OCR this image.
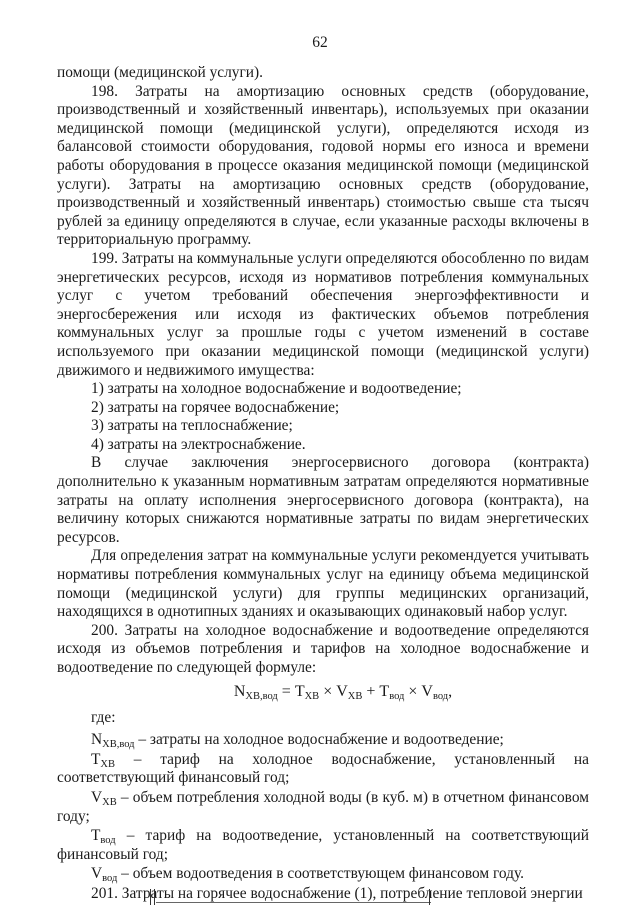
62

помощи (медицинской услуги).

198. Затраты на амортизацию основных средств (оборудование, производственный и хозяйственный инвентарь), используемых при оказании медицинской помощи (медицинской услуги), определяются исходя из балансовой стоимости оборудования, годовой нормы его износа и времени работы оборудования в процессе оказания медицинской помощи (медицинской услуги). Затраты на амортизацию основных средств (оборудование, производственный и хозяйственный инвентарь) стоимостью свыше ста тысяч рублей за единицу определяются в случае, если указанные расходы включены в территориальную программу.

199. Затраты на коммунальные услуги определяются обособленно по видам энергетических ресурсов, исходя из нормативов потребления коммунальных услуг с учетом требований обеспечения энергоэффективности и энергосбережения или исходя из фактических объемов потребления коммунальных услуг за прошлые годы с учетом изменений в составе используемого при оказании медицинской помощи (медицинской услуги) движимого и недвижимого имущества:

1) затраты на холодное водоснабжение и водоотведение;

2) затраты на горячее водоснабжение;

3) затраты на теплоснабжение;

4) затраты на электроснабжение.

В случае заключения энергосервисного договора (контракта) дополнительно к указанным нормативным затратам определяются нормативные затраты на оплату исполнения энергосервисного договора (контракта), на величину которых снижаются нормативные затраты по видам энергетических ресурсов.

Для определения затрат на коммунальные услуги рекомендуется учитывать нормативы потребления коммунальных услуг на единицу объема медицинской помощи (медицинской услуги) для группы медицинских организаций, находящихся в однотипных зданиях и оказывающих одинаковый набор услуг.

200. Затраты на холодное водоснабжение и водоотведение определяются исходя из объемов потребления и тарифов на холодное водоснабжение и водоотведение по следующей формуле:

$N_{ХВ,вод} = T_{ХВ} \times V_{ХВ} + T_{вод} \times V_{вод}$,

где:

$N_{ХВ,вод}$ – затраты на холодное водоснабжение и водоотведение;

$T_{ХВ}$ – тариф на холодное водоснабжение, установленный на соответствующий финансовый год;

$V_{ХВ}$ – объем потребления холодной воды (в куб. м) в отчетном финансовом году;

$T_{вод}$ – тариф на водоотведение, установленный на соответствующий финансовый год;

$V_{вод}$ – объем водоотведения в соответствующем финансовом году.

201. Затраты на горячее водоснабжение (1), потребление тепловой энергии
